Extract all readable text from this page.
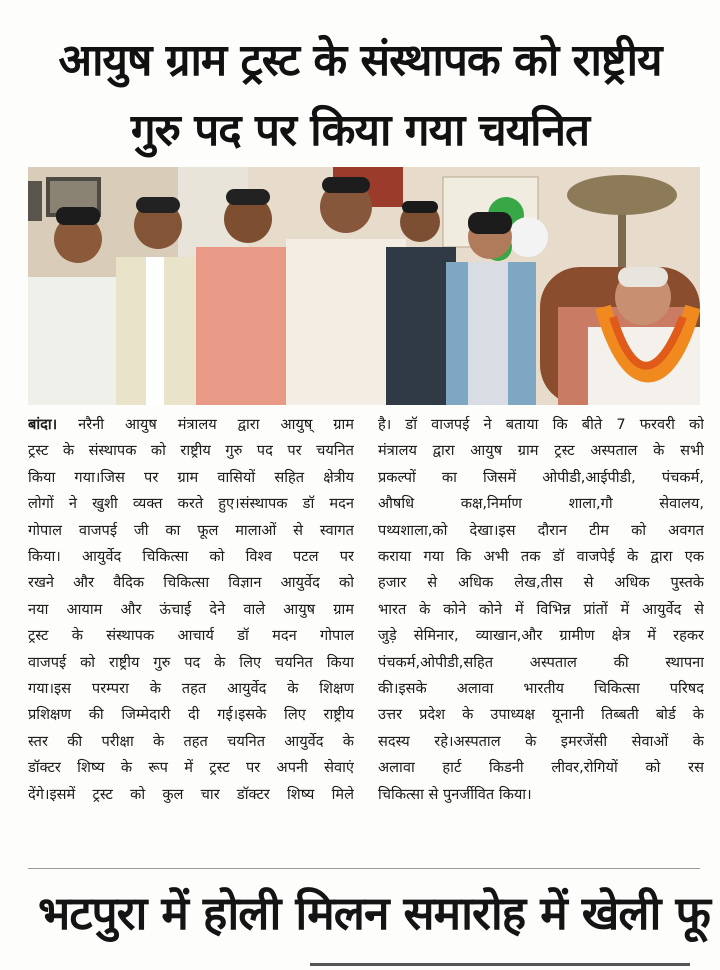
आयुष ग्राम ट्रस्ट के संस्थापक को राष्ट्रीय
गुरु पद पर किया गया चयनित
बांदा। नरैनी आयुष मंत्रालय द्वारा आयुष् ग्राम
ट्रस्ट के संस्थापक को राष्ट्रीय गुरु पद पर चयनित
किया गया।जिस पर ग्राम वासियों सहित क्षेत्रीय
लोगों ने खुशी व्यक्त करते हुए।संस्थापक डॉ मदन
गोपाल वाजपई जी का फूल मालाओं से स्वागत
किया। आयुर्वेद चिकित्सा को विश्व पटल पर
रखने और वैदिक चिकित्सा विज्ञान आयुर्वेद को
नया आयाम और ऊंचाई देने वाले आयुष ग्राम
ट्रस्ट के संस्थापक आचार्य डॉ मदन गोपाल
वाजपई को राष्ट्रीय गुरु पद के लिए चयनित किया
गया।इस परम्परा के तहत आयुर्वेद के शिक्षण
प्रशिक्षण की जिम्मेदारी दी गई।इसके लिए राष्ट्रीय
स्तर की परीक्षा के तहत चयनित आयुर्वेद के
डॉक्टर शिष्य के रूप में ट्रस्ट पर अपनी सेवाएं
देंगे।इसमें ट्रस्ट को कुल चार डॉक्टर शिष्य मिले
है। डॉ वाजपई ने बताया कि बीते 7 फरवरी को
मंत्रालय द्वारा आयुष ग्राम ट्रस्ट अस्पताल के सभी
प्रकल्पों का जिसमें ओपीडी,आईपीडी, पंचकर्म,
औषधि कक्ष,निर्माण शाला,गौ सेवालय,
पथ्यशाला,को देखा।इस दौरान टीम को अवगत
कराया गया कि अभी तक डॉ वाजपेई के द्वारा एक
हजार से अधिक लेख,तीस से अधिक पुस्तके
भारत के कोने कोने में विभिन्न प्रांतों में आयुर्वेद से
जुड़े सेमिनार, व्याखान,और ग्रामीण क्षेत्र में रहकर
पंचकर्म,ओपीडी,सहित अस्पताल की स्थापना
की।इसके अलावा भारतीय चिकित्सा परिषद
उत्तर प्रदेश के उपाध्यक्ष यूनानी तिब्बती बोर्ड के
सदस्य रहे।अस्पताल के इमरजेंसी सेवाओं के
अलावा हार्ट किडनी लीवर,रोगियों को रस
चिकित्सा से पुनर्जीवित किया।
भटपुरा में होली मिलन समारोह में खेली फू
